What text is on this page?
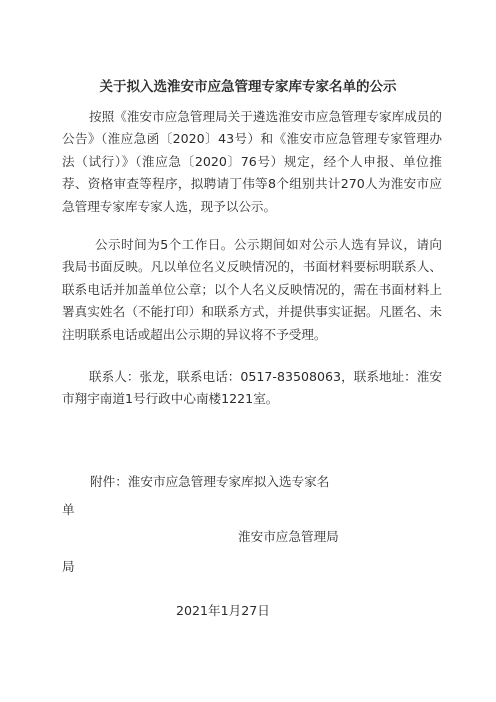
关于拟入选淮安市应急管理专家库专家名单的公示
按照《淮安市应急管理局关于遴选淮安市应急管理专家库成员的公告》（淮应急函〔2020〕43号）和《淮安市应急管理专家管理办法（试行）》（淮应急〔2020〕76号）规定，经个人申报、单位推荐、资格审查等程序，拟聘请丁伟等8个组别共计270人为淮安市应急管理专家库专家人选，现予以公示。
公示时间为5个工作日。公示期间如对公示人选有异议，请向我局书面反映。凡以单位名义反映情况的，书面材料要标明联系人、联系电话并加盖单位公章；以个人名义反映情况的，需在书面材料上署真实姓名（不能打印）和联系方式，并提供事实证据。凡匿名、未注明联系电话或超出公示期的异议将不予受理。
联系人：张龙，联系电话：0517-83508063，联系地址：淮安市翔宇南道1号行政中心南楼1221室。
附件：淮安市应急管理专家库拟入选专家名
单
淮安市应急管理局
局
2021年1月27日
